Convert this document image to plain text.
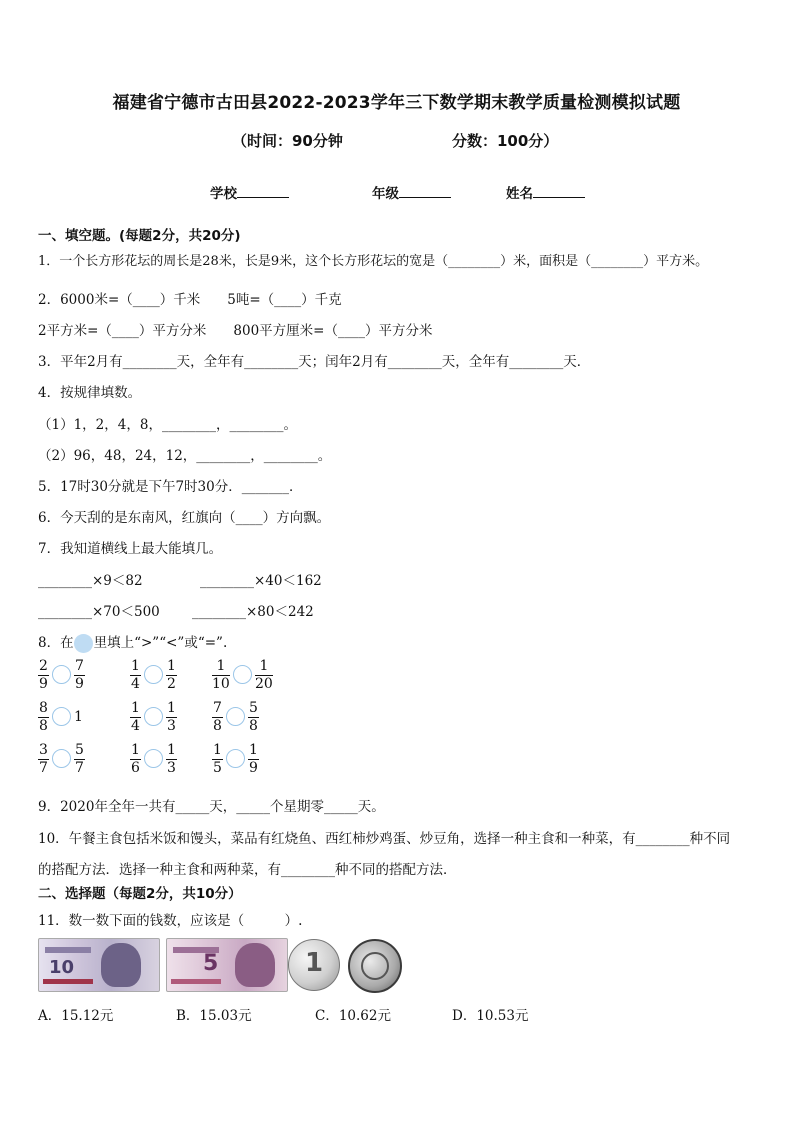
福建省宁德市古田县2022-2023学年三下数学期末教学质量检测模拟试题
（时间：90分钟	分数：100分）
学校	年级	姓名
一、填空题。(每题2分，共20分)
1．一个长方形花坛的周长是28米，长是9米，这个长方形花坛的宽是（________）米，面积是（________）平方米。
2．6000米=（____）千米　　5吨=（____）千克
2平方米=（____）平方分米　　800平方厘米=（____）平方分米
3．平年2月有________天，全年有________天；闰年2月有________天，全年有________天．
4．按规律填数。
（1）1，2，4，8，________，________。
（2）96，48，24，12，________，________。
5．17时30分就是下午7时30分．_______．
6．今天刮的是东南风，红旗向（____）方向飘。
7．我知道横线上最大能填几。
________×9＜82	________×40＜162
________×70＜500 ________×80＜242
8．在 里填上“>”“<”或“=”.
$\frac{2}{9} \frac{7}{9}$	$\frac{1}{4} \frac{1}{2}$	$\frac{1}{10} \frac{1}{20}$
$\frac{8}{8} 1$	$\frac{1}{4} \frac{1}{3}$	$\frac{7}{8} \frac{5}{8}$
$\frac{3}{7} \frac{5}{7}$	$\frac{1}{6} \frac{1}{3}$	$\frac{1}{5} \frac{1}{9}$
9．2020年全年一共有_____天，_____个星期零_____天。
10．午餐主食包括米饭和馒头，菜品有红烧鱼、西红柿炒鸡蛋、炒豆角，选择一种主食和一种菜，有________种不同
的搭配方法．选择一种主食和两种菜，有________种不同的搭配方法．
二、选择题（每题2分，共10分）
11．数一数下面的钱数，应该是（　　　）.
10	5	1
A．15.12元	B．15.03元	C．10.62元	D．10.53元
